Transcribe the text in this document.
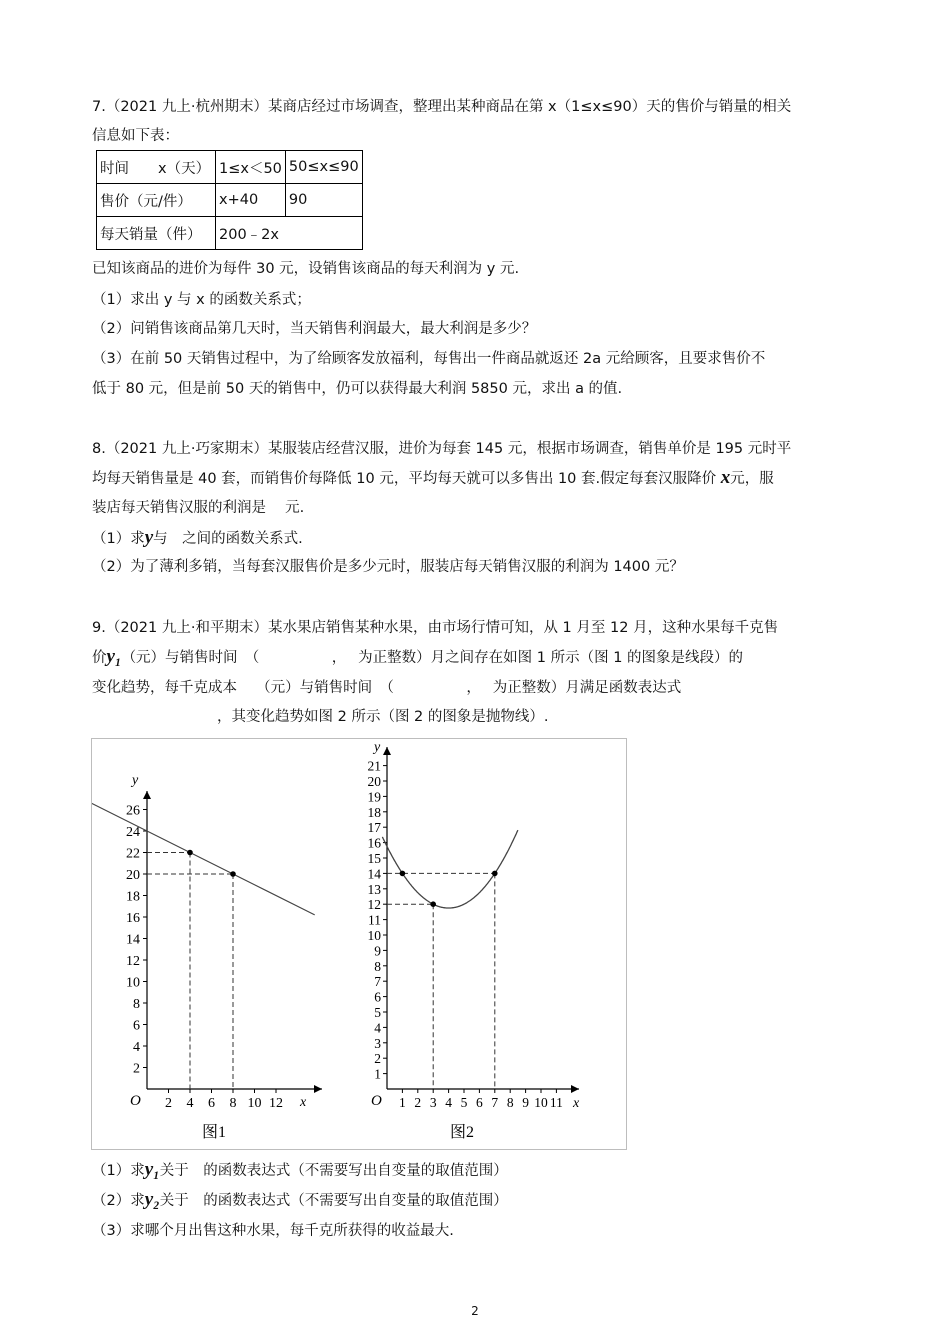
7.（2021 九上·杭州期末）某商店经过市场调查，整理出某种商品在第 x（1≤x≤90）天的售价与销量的相关
信息如下表：
时间　　x（天）	1≤x＜50	50≤x≤90
售价（元/件）	x+40	90
每天销量（件）	200﹣2x	
已知该商品的进价为每件 30 元，设销售该商品的每天利润为 y 元.
（1）求出 y 与 x 的函数关系式；
（2）问销售该商品第几天时，当天销售利润最大，最大利润是多少？
（3）在前 50 天销售过程中，为了给顾客发放福利，每售出一件商品就返还 2a 元给顾客，且要求售价不
低于 80 元，但是前 50 天的销售中，仍可以获得最大利润 5850 元，求出 a 的值.
8.（2021 九上·巧家期末）某服装店经营汉服，进价为每套 145 元，根据市场调查，销售单价是 195 元时平
均每天销售量是 40 套，而销售价每降低 10 元，平均每天就可以多售出 10 套.假定每套汉服降价 x元，服
装店每天销售汉服的利润是　 元.
（1）求y与　之间的函数关系式.
（2）为了薄利多销，当每套汉服售价是多少元时，服装店每天销售汉服的利润为 1400 元？
9.（2021 九上·和平期末）某水果店销售某种水果，由市场行情可知，从 1 月至 12 月，这种水果每千克售
价y₁（元）与销售时间　（　　　　　，　 为正整数）月之间存在如图 1 所示（图 1 的图象是线段）的
变化趋势，每千克成本　 （元）与销售时间　（　　　　　，　 为正整数）月满足函数表达式
，其变化趋势如图 2 所示（图 2 的图象是抛物线）.
2
4
6
8
10
12
14
16
18
20
22
24
26
2 4 6 8 10 12
y
x
O
图1
1
2
3
4
5
6
7
8
9
10
11
12
13
14
15
16
17
18
19
20
21
1 2 3 4 5 6 7 8 9 10 11
y
x
O
图2
（1）求y₁关于　的函数表达式（不需要写出自变量的取值范围）
（2）求y₂关于　的函数表达式（不需要写出自变量的取值范围）
（3）求哪个月出售这种水果，每千克所获得的收益最大.
2
